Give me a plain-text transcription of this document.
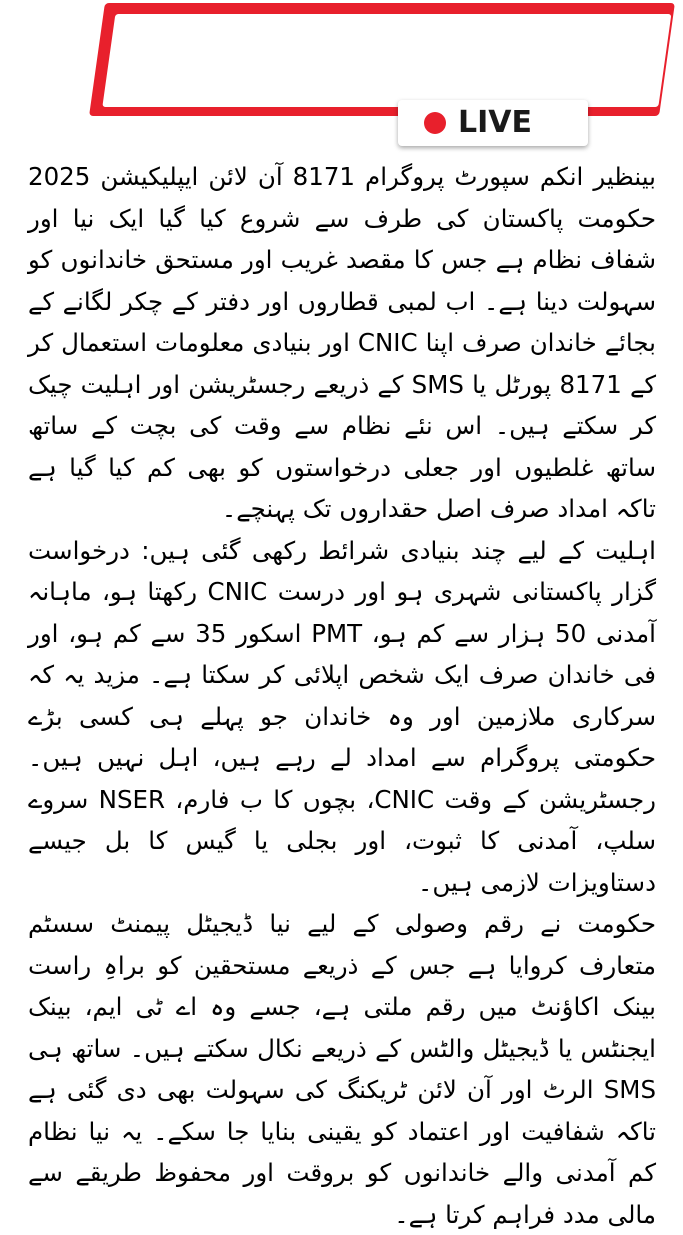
BREAKING
LIVE

بینظیر انکم سپورٹ پروگرام 8171 آن لائن ایپلیکیشن 2025 حکومت پاکستان کی طرف سے شروع کیا گیا ایک نیا اور شفاف نظام ہے جس کا مقصد غریب اور مستحق خاندانوں کو سہولت دینا ہے۔ اب لمبی قطاروں اور دفتر کے چکر لگانے کے بجائے خاندان صرف اپنا CNIC اور بنیادی معلومات استعمال کر کے 8171 پورٹل یا SMS کے ذریعے رجسٹریشن اور اہلیت چیک کر سکتے ہیں۔ اس نئے نظام سے وقت کی بچت کے ساتھ ساتھ غلطیوں اور جعلی درخواستوں کو بھی کم کیا گیا ہے تاکہ امداد صرف اصل حقداروں تک پہنچے۔

اہلیت کے لیے چند بنیادی شرائط رکھی گئی ہیں: درخواست گزار پاکستانی شہری ہو اور درست CNIC رکھتا ہو، ماہانہ آمدنی 50 ہزار سے کم ہو، PMT اسکور 35 سے کم ہو، اور فی خاندان صرف ایک شخص اپلائی کر سکتا ہے۔ مزید یہ کہ سرکاری ملازمین اور وہ خاندان جو پہلے ہی کسی بڑے حکومتی پروگرام سے امداد لے رہے ہیں، اہل نہیں ہیں۔ رجسٹریشن کے وقت CNIC، بچوں کا ب فارم، NSER سروے سلپ، آمدنی کا ثبوت، اور بجلی یا گیس کا بل جیسے دستاویزات لازمی ہیں۔

حکومت نے رقم وصولی کے لیے نیا ڈیجیٹل پیمنٹ سسٹم متعارف کروایا ہے جس کے ذریعے مستحقین کو براہِ راست بینک اکاؤنٹ میں رقم ملتی ہے، جسے وہ اے ٹی ایم، بینک ایجنٹس یا ڈیجیٹل والٹس کے ذریعے نکال سکتے ہیں۔ ساتھ ہی SMS الرٹ اور آن لائن ٹریکنگ کی سہولت بھی دی گئی ہے تاکہ شفافیت اور اعتماد کو یقینی بنایا جا سکے۔ یہ نیا نظام کم آمدنی والے خاندانوں کو بروقت اور محفوظ طریقے سے مالی مدد فراہم کرتا ہے۔
